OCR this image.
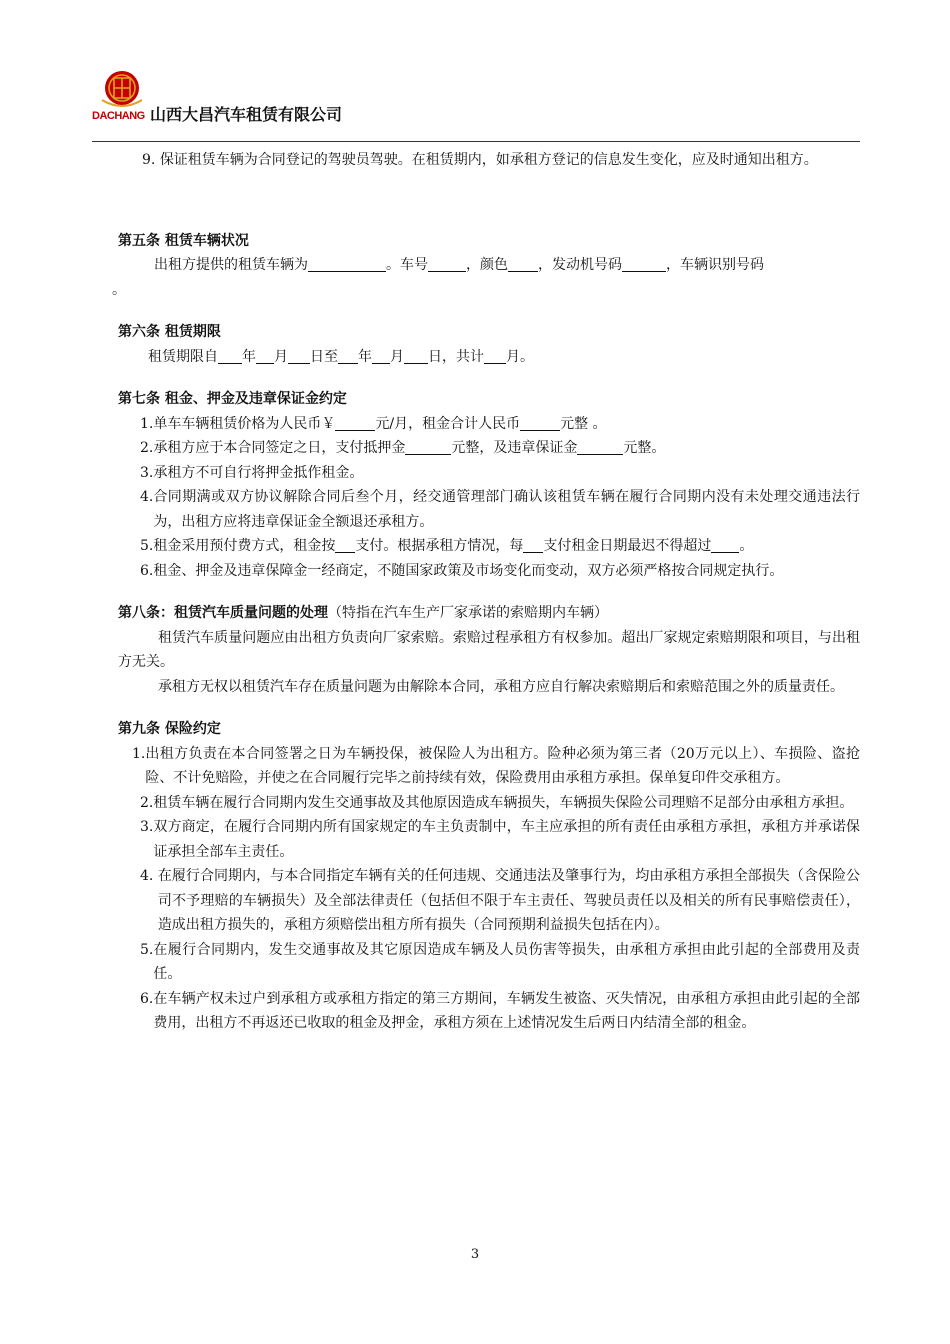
DACHANG 山西大昌汽车租赁有限公司
9. 保证租赁车辆为合同登记的驾驶员驾驶。在租赁期内，如承租方登记的信息发生变化，应及时通知出租方。

第五条 租赁车辆状况

出租方提供的租赁车辆为	。车号	，颜色 ，发动机号码	，车辆识别号码

。

第六条 租赁期限

租赁期限自 年 月 日至 年 月 日，共计 月。

第七条 租金、押金及违章保证金约定

1. 单车车辆租赁价格为人民币￥	元/月，租金合计人民币	元整 。
2. 承租方应于本合同签定之日，支付抵押金	元整，及违章保证金	元整。
3. 承租方不可自行将押金抵作租金。
4. 合同期满或双方协议解除合同后叁个月，经交通管理部门确认该租赁车辆在履行合同期内没有未处理交通违法行为，出租方应将违章保证金全额退还承租方。
5. 租金采用预付费方式，租金按 支付。根据承租方情况，每 支付租金日期最迟不得超过 。
6. 租金、押金及违章保障金一经商定，不随国家政策及市场变化而变动，双方必须严格按合同规定执行。

第八条：租赁汽车质量问题的处理（特指在汽车生产厂家承诺的索赔期内车辆）

租赁汽车质量问题应由出租方负责向厂家索赔。索赔过程承租方有权参加。超出厂家规定索赔期限和项目，与出租方无关。

承租方无权以租赁汽车存在质量问题为由解除本合同，承租方应自行解决索赔期后和索赔范围之外的质量责任。

第九条 保险约定

1. 出租方负责在本合同签署之日为车辆投保，被保险人为出租方。险种必须为第三者（20万元以上）、车损险、盗抢险、不计免赔险，并使之在合同履行完毕之前持续有效，保险费用由承租方承担。保单复印件交承租方。
2. 租赁车辆在履行合同期内发生交通事故及其他原因造成车辆损失，车辆损失保险公司理赔不足部分由承租方承担。
3. 双方商定，在履行合同期内所有国家规定的车主负责制中，车主应承担的所有责任由承租方承担，承租方并承诺保证承担全部车主责任。
4. 在履行合同期内，与本合同指定车辆有关的任何违规、交通违法及肇事行为，均由承租方承担全部损失（含保险公司不予理赔的车辆损失）及全部法律责任（包括但不限于车主责任、驾驶员责任以及相关的所有民事赔偿责任），造成出租方损失的，承租方须赔偿出租方所有损失（合同预期利益损失包括在内）。
5. 在履行合同期内，发生交通事故及其它原因造成车辆及人员伤害等损失，由承租方承担由此引起的全部费用及责任。
6. 在车辆产权未过户到承租方或承租方指定的第三方期间，车辆发生被盗、灭失情况，由承租方承担由此引起的全部费用，出租方不再返还已收取的租金及押金，承租方须在上述情况发生后两日内结清全部的租金。
3
